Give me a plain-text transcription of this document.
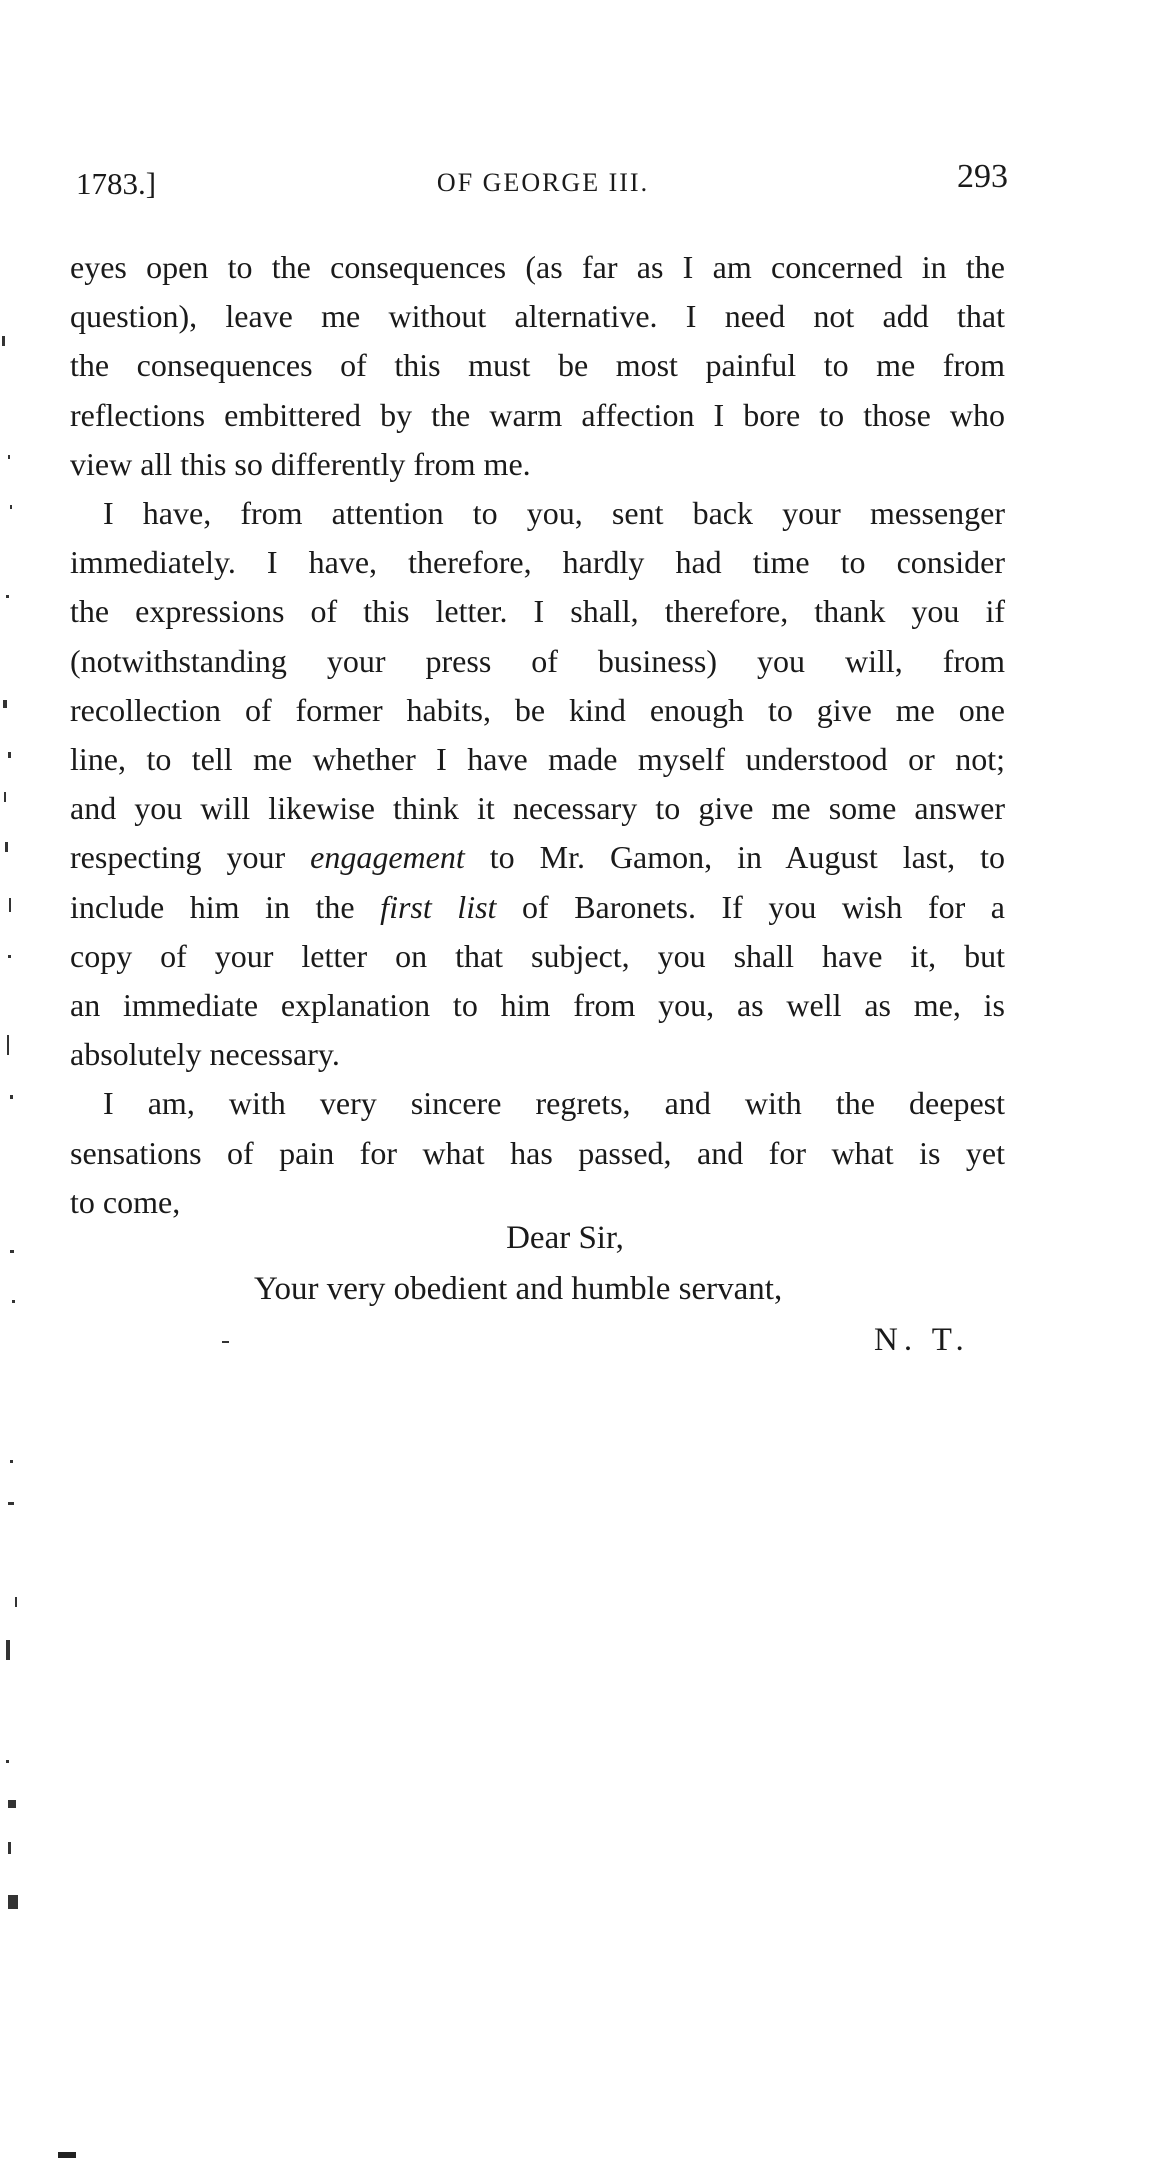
1783.]	OF GEORGE III.	293

eyes open to the consequences (as far as I am concerned in the

question), leave me without alternative. I need not add that

the consequences of this must be most painful to me from

reflections embittered by the warm affection I bore to those who

view all this so differently from me.

I have, from attention to you, sent back your messenger

immediately. I have, therefore, hardly had time to consider

the expressions of this letter. I shall, therefore, thank you if

(notwithstanding your press of business) you will, from

recollection of former habits, be kind enough to give me one

line, to tell me whether I have made myself understood or not;

and you will likewise think it necessary to give me some answer

respecting your engagement to Mr. Gamon, in August last, to

include him in the first list of Baronets. If you wish for a

copy of your letter on that subject, you shall have it, but

an immediate explanation to him from you, as well as me, is

absolutely necessary.

I am, with very sincere regrets, and with the deepest

sensations of pain for what has passed, and for what is yet

to come,

Dear Sir,
Your very obedient and humble servant,
N. T.
